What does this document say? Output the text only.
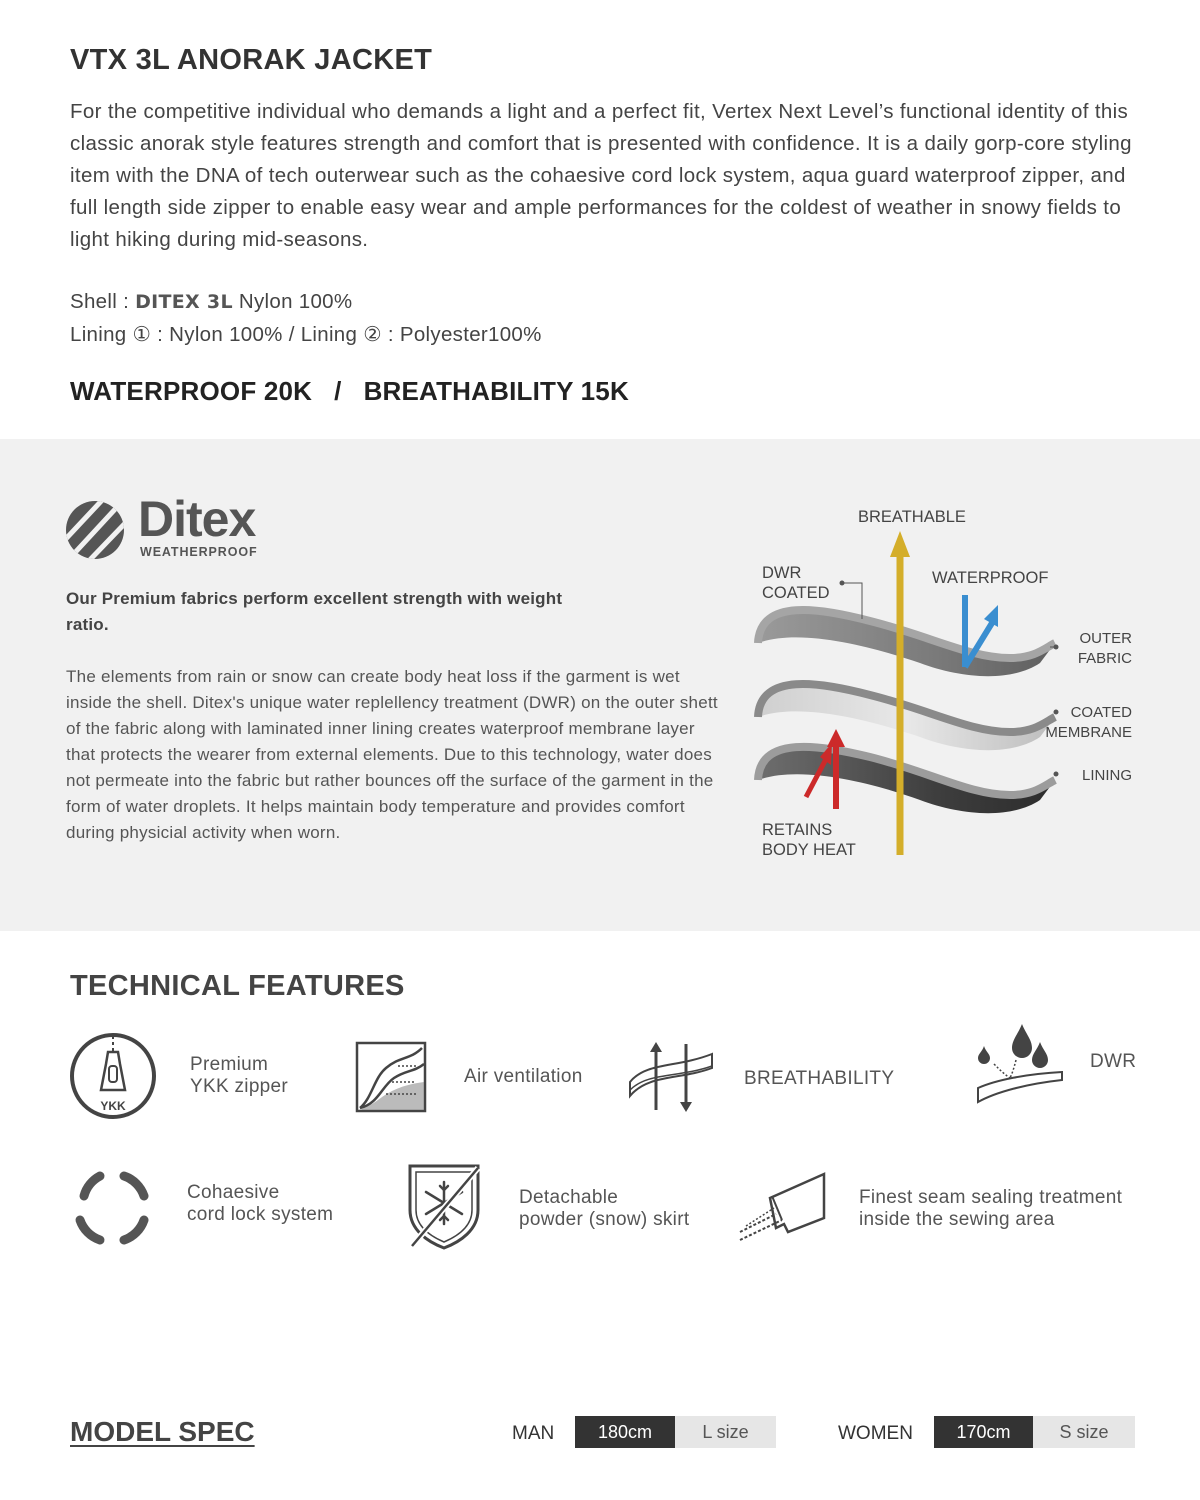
VTX 3L ANORAK JACKET
For the competitive individual who demands a light and a perfect fit, Vertex Next Level’s functional identity of this classic anorak style features strength and comfort that is presented with confidence. It is a daily gorp-core styling item with the DNA of tech outerwear such as the cohaesive cord lock system, aqua guard waterproof zipper, and full length side zipper to enable easy wear and ample performances for the coldest of weather in snowy fields to light hiking during mid-seasons.
Shell : DITEX 3L Nylon 100%
Lining ① : Nylon 100% / Lining ② : Polyester100%
WATERPROOF 20K / BREATHABILITY 15K
Ditex
WEATHERPROOF
Our Premium fabrics perform excellent strength with weight ratio.
The elements from rain or snow can create body heat loss if the garment is wet inside the shell. Ditex's unique water replellency treatment (DWR) on the outer shett of the fabric along with laminated inner lining creates waterproof membrane layer that protects the wearer from external elements. Due to this technology, water does not permeate into the fabric but rather bounces off the surface of the garment in the form of water droplets. It helps maintain body temperature and provides comfort during physicial activity when worn.
BREATHABLE
DWR
COATED
WATERPROOF
OUTER
FABRIC
COATED
MEMBRANE
LINING
RETAINS
BODY HEAT
TECHNICAL FEATURES
YKK
Premium
YKK zipper	Air ventilation	BREATHABILITY
DWR
Cohaesive
cord lock system
Detachable
powder (snow) skirt
Finest seam sealing treatment
inside the sewing area
MODEL SPEC	MAN	180cm	L size	WOMEN	170cm	S size
